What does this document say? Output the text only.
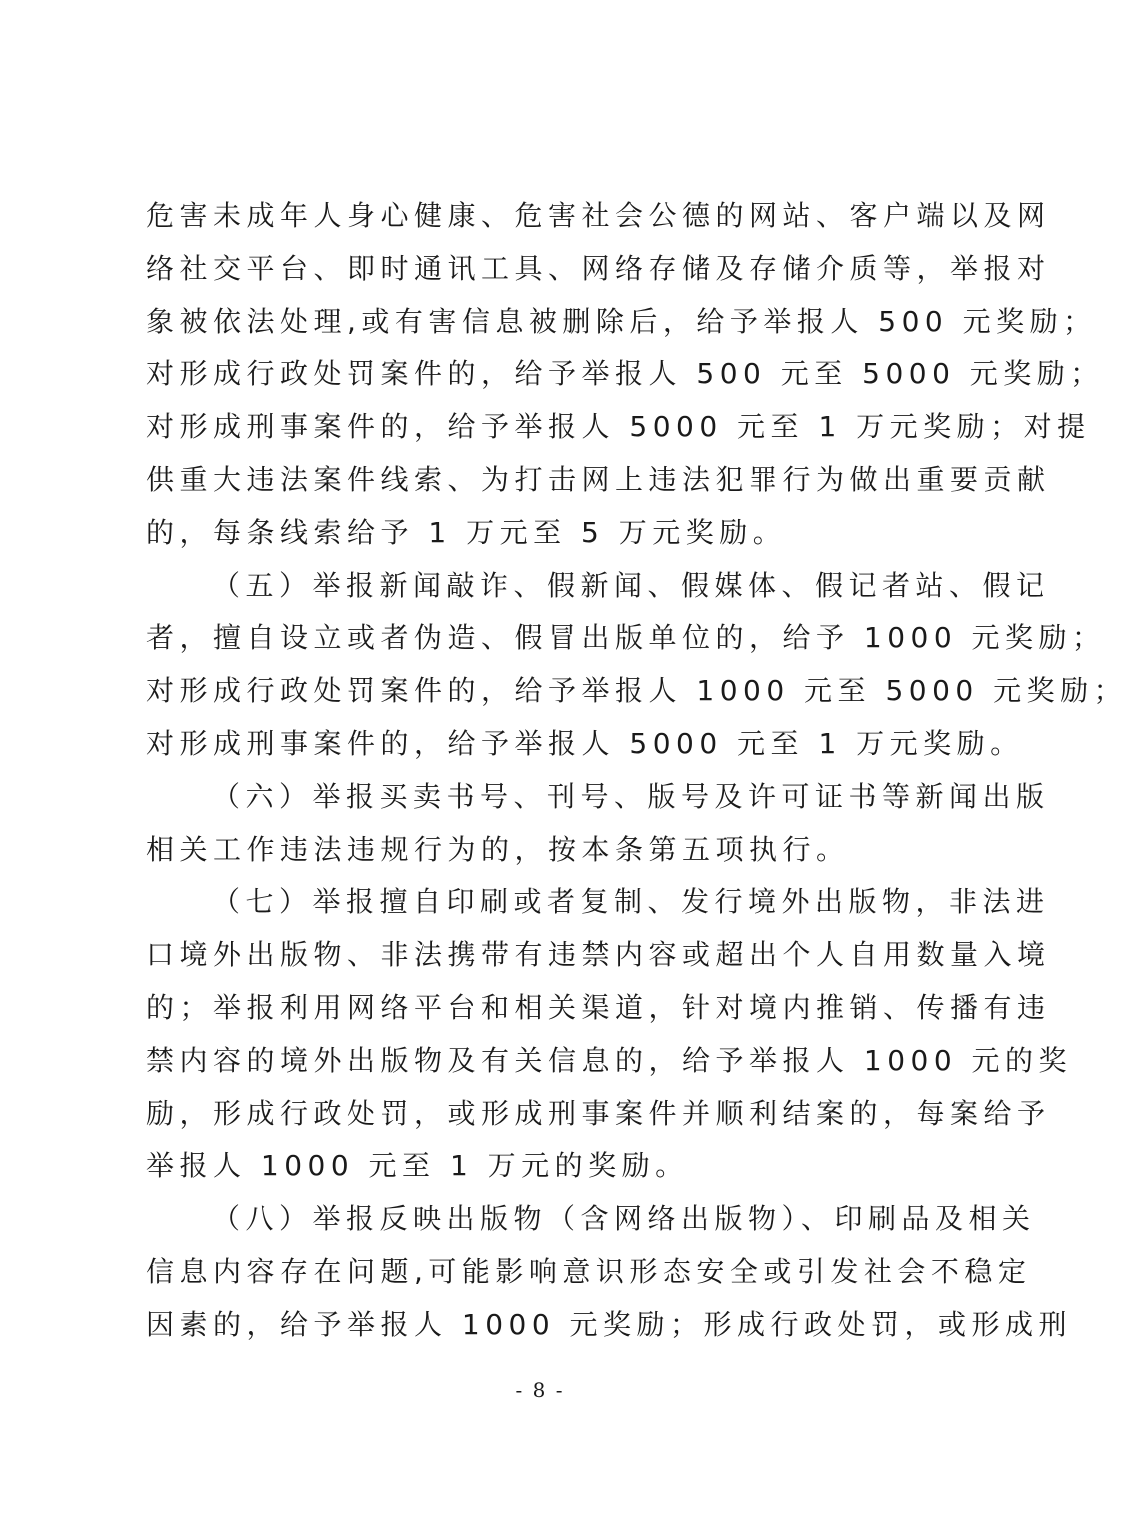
危害未成年人身心健康、危害社会公德的网站、客户端以及网
络社交平台、即时通讯工具、网络存储及存储介质等，举报对
象被依法处理,或有害信息被删除后，给予举报人 500 元奖励；
对形成行政处罚案件的，给予举报人 500 元至 5000 元奖励；
对形成刑事案件的，给予举报人 5000 元至 1 万元奖励；对提
供重大违法案件线索、为打击网上违法犯罪行为做出重要贡献
的，每条线索给予 1 万元至 5 万元奖励。
（五）举报新闻敲诈、假新闻、假媒体、假记者站、假记
者，擅自设立或者伪造、假冒出版单位的，给予 1000 元奖励；
对形成行政处罚案件的，给予举报人 1000 元至 5000 元奖励；
对形成刑事案件的，给予举报人 5000 元至 1 万元奖励。
（六）举报买卖书号、刊号、版号及许可证书等新闻出版
相关工作违法违规行为的，按本条第五项执行。
（七）举报擅自印刷或者复制、发行境外出版物，非法进
口境外出版物、非法携带有违禁内容或超出个人自用数量入境
的；举报利用网络平台和相关渠道，针对境内推销、传播有违
禁内容的境外出版物及有关信息的，给予举报人 1000 元的奖
励，形成行政处罚，或形成刑事案件并顺利结案的，每案给予
举报人 1000 元至 1 万元的奖励。
（八）举报反映出版物（含网络出版物）、印刷品及相关
信息内容存在问题,可能影响意识形态安全或引发社会不稳定
因素的，给予举报人 1000 元奖励；形成行政处罚，或形成刑
- 8 -
